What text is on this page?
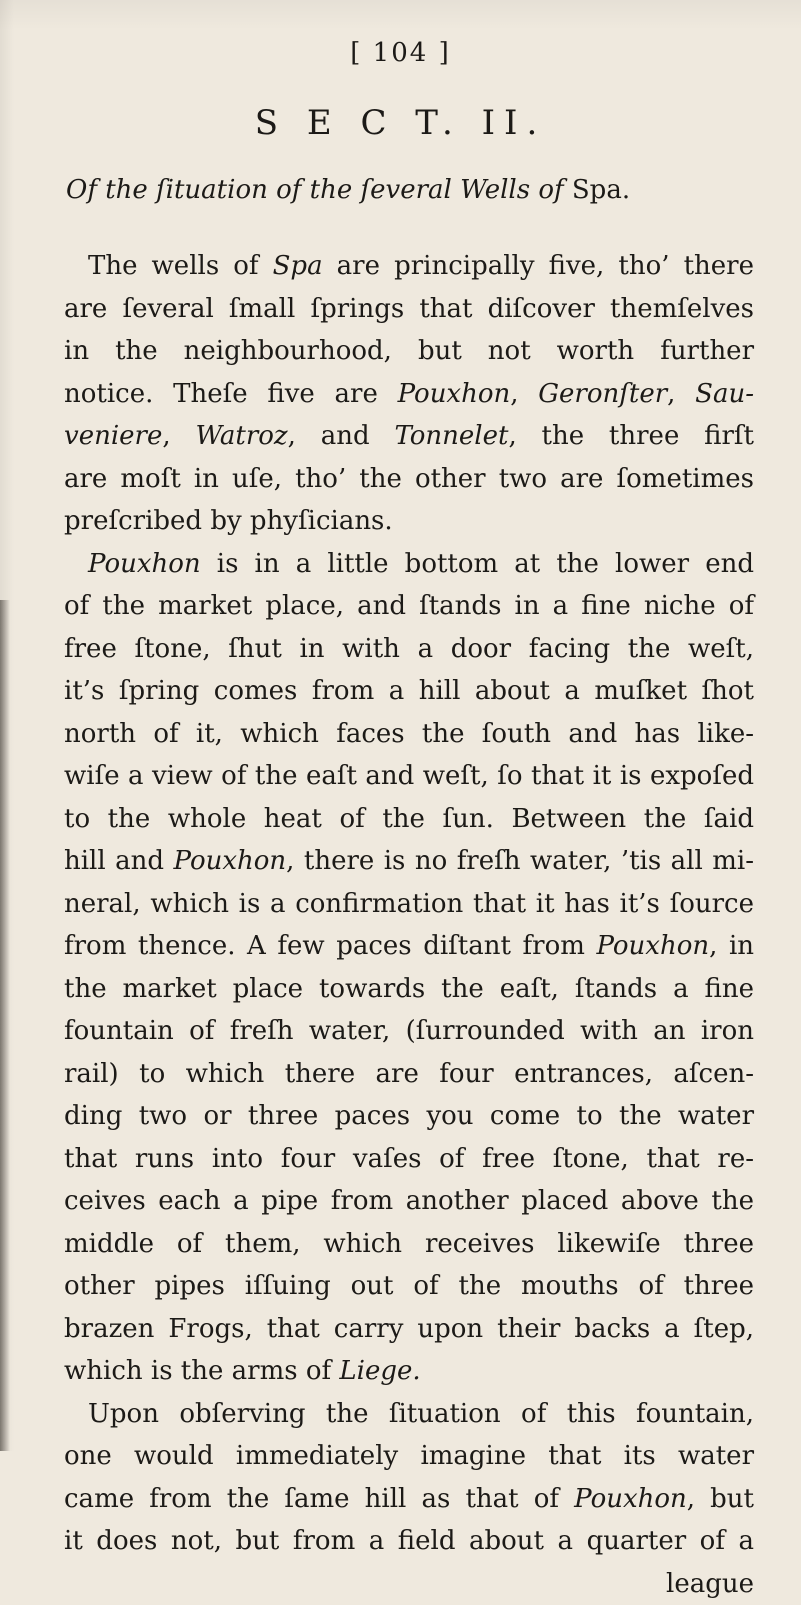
[ 104 ]
S E C T. II.
Of the ſituation of the ſeveral Wells of Spa.
The wells of Spa are principally five, tho’ there
are ſeveral ſmall ſprings that diſcover themſelves
in the neighbourhood, but not worth further
notice. Theſe five are Pouxhon, Geronſter, Sau-
veniere, Watroz, and Tonnelet, the three firſt
are moſt in uſe, tho’ the other two are ſometimes
preſcribed by phyſicians.
Pouxhon is in a little bottom at the lower end
of the market place, and ſtands in a fine niche of
free ſtone, ſhut in with a door facing the weſt,
it’s ſpring comes from a hill about a muſket ſhot
north of it, which faces the ſouth and has like-
wiſe a view of the eaſt and weſt, ſo that it is expoſed
to the whole heat of the ſun. Between the ſaid
hill and Pouxhon, there is no freſh water, ’tis all mi-
neral, which is a confirmation that it has it’s ſource
from thence. A few paces diſtant from Pouxhon, in
the market place towards the eaſt, ſtands a fine
fountain of freſh water, (ſurrounded with an iron
rail) to which there are four entrances, aſcen-
ding two or three paces you come to the water
that runs into four vaſes of free ſtone, that re-
ceives each a pipe from another placed above the
middle of them, which receives likewiſe three
other pipes iſſuing out of the mouths of three
brazen Frogs, that carry upon their backs a ſtep,
which is the arms of Liege.
Upon obſerving the ſituation of this fountain,
one would immediately imagine that its water
came from the ſame hill as that of Pouxhon, but
it does not, but from a field about a quarter of a
league
